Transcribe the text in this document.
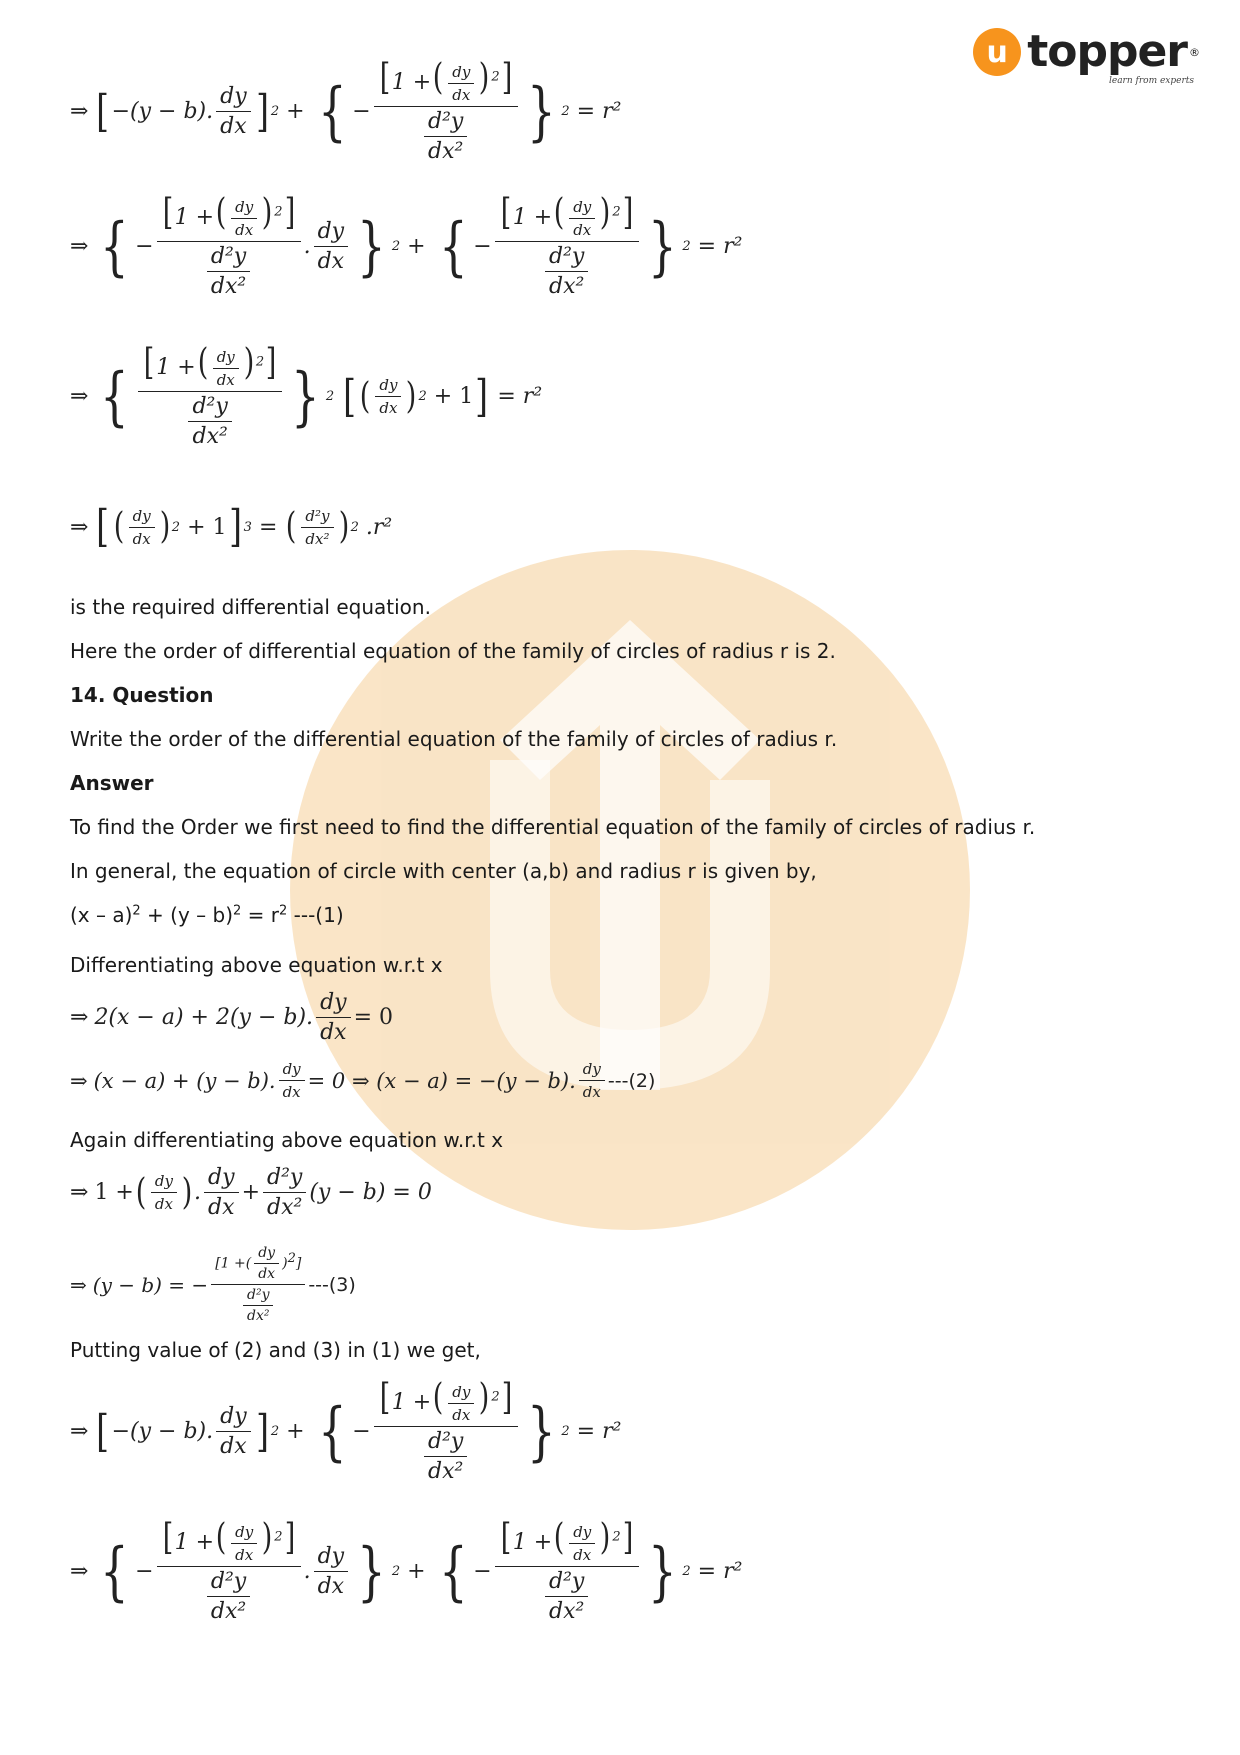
u topper ®
learn from experts
⇒ [ −(y − b). $\frac{dy}{dx}$ ] 2 + { − $\frac{[1 +( \frac{dy}{dx} ) ^2]}{\frac{\text{d²y}}{\text{dx²}}}$ } 2
= r²
⇒ { − $\frac{[1 +( \frac{dy}{dx} ) ^2]}{\frac{\text{d²y}}{\text{dx²}}}$ . $\frac{dy}{dx}$ } 2 + { − $\frac{[1 +( \frac{dy}{dx} ) ^2]}{\frac{\text{d²y}}{\text{dx²}}}$ } 2
= r²
⇒ { $\frac{[1 +( \frac{dy}{dx} ) ^2]}{\frac{\text{d²y}}{\text{dx²}}}$ } 2
[ ( $\frac{dy}{dx}$ ) 2
+ 1 ]
= r²
⇒ [ ( $\frac{dy}{dx}$ ) 2
+ 1 ] 3 = ( $\frac{\text{d²y}}{\text{dx²}}$ ) 2 . r²
is the required differential equation.
Here the order of differential equation of the family of circles of radius r is 2.
14. Question
Write the order of the differential equation of the family of circles of radius r.
Answer
To find the Order we first need to find the differential equation of the family of circles of radius r.
In general, the equation of circle with center (a,b) and radius r is given by,
$(x - a)^2 + (y - b)^2 = r^2$ ---(1)
Differentiating above equation w.r.t x
⇒ 2(x − a) + 2(y − b). $\frac{dy}{dx} = 0$
⇒ (x − a) + (y − b). $\frac{dy}{dx} = 0$ ⇒ (x − a) = −(y − b). $\frac{dy}{dx} ---(2)$
Again differentiating above equation w.r.t x
⇒ 1 + ( $\frac{dy}{dx}$ ) . $\frac{dy}{dx} + \frac{\text{d²y}}{\text{dx²}} (y - b) = 0$
⇒ (y − b) = − $\frac{[1 +( \frac{dy}{dx} )^2]}{\frac{\text{d²y}}{\text{dx²}}} ---(3)$
Putting value of (2) and (3) in (1) we get,
⇒ [ −(y − b). $\frac{dy}{dx}$ ] 2 + { − $\frac{[1 +( \frac{dy}{dx} ) ^2]}{\frac{\text{d²y}}{\text{dx²}}}$ } 2
= r²
⇒ { − $\frac{[1 +( \frac{dy}{dx} ) ^2]}{\frac{\text{d²y}}{\text{dx²}}}$ . $\frac{dy}{dx}$ } 2 + { − $\frac{[1 +( \frac{dy}{dx} ) ^2]}{\frac{\text{d²y}}{\text{dx²}}}$ } 2
= r²
